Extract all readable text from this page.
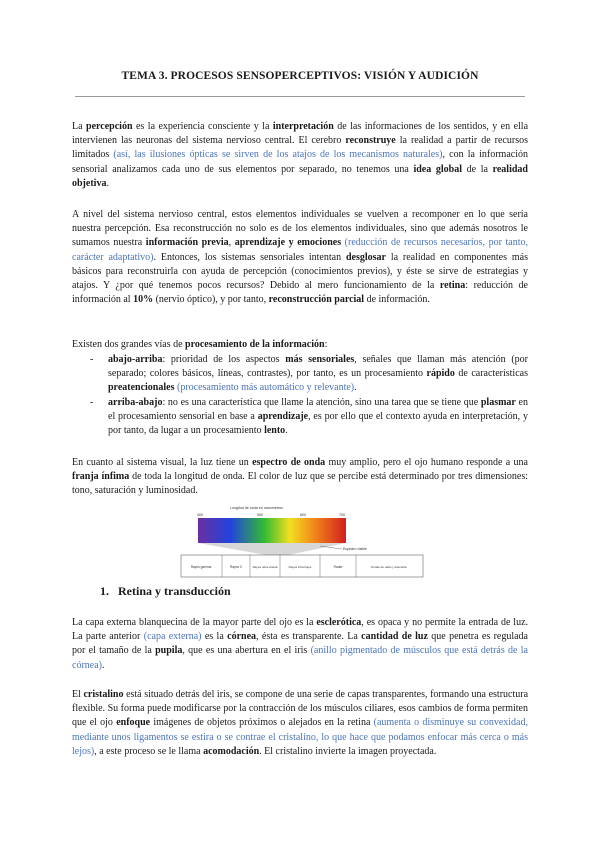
TEMA 3. PROCESOS SENSOPERCEPTIVOS: VISIÓN Y AUDICIÓN

La percepción es la experiencia consciente y la interpretación de las informaciones de los sentidos, y en ella intervienen las neuronas del sistema nervioso central. El cerebro reconstruye la realidad a partir de recursos limitados (así, las ilusiones ópticas se sirven de los atajos de los mecanismos naturales), con la información sensorial analizamos cada uno de sus elementos por separado, no tenemos una idea global de la realidad objetiva.

A nivel del sistema nervioso central, estos elementos individuales se vuelven a recomponer en lo que sería nuestra percepción. Esa reconstrucción no solo es de los elementos individuales, sino que además nosotros le sumamos nuestra información previa, aprendizaje y emociones (reducción de recursos necesarios, por tanto, carácter adaptativo). Entonces, los sistemas sensoriales intentan desglosar la realidad en componentes más básicos para reconstruirla con ayuda de percepción (conocimientos previos), y éste se sirve de estrategias y atajos. Y ¿por qué tenemos pocos recursos? Debido al mero funcionamiento de la retina: reducción de información al 10% (nervio óptico), y por tanto, reconstrucción parcial de información.

Existen dos grandes vías de procesamiento de la información:

- abajo-arriba: prioridad de los aspectos más sensoriales, señales que llaman más atención (por separado; colores básicos, líneas, contrastes), por tanto, es un procesamiento rápido de características preatencionales (procesamiento más automático y relevante).
- arriba-abajo: no es una característica que llame la atención, sino una tarea que se tiene que plasmar en el procesamiento sensorial en base a aprendizaje, es por ello que el contexto ayuda en interpretación, y por tanto, da lugar a un procesamiento lento.

En cuanto al sistema visual, la luz tiene un espectro de onda muy amplio, pero el ojo humano responde a una franja ínfima de toda la longitud de onda. El color de luz que se percibe está determinado por tres dimensiones: tono, saturación y luminosidad.

Longitud de onda en nanómetros
400	500	600	700
Espectro visible
Rayos gamma	Rayos X	Rayos ultra-violeta	Rayos infrarrojos	Radar	Ondas de radio y televisión
1. Retina y transducción

La capa externa blanquecina de la mayor parte del ojo es la esclerótica, es opaca y no permite la entrada de luz. La parte anterior (capa externa) es la córnea, ésta es transparente. La cantidad de luz que penetra es regulada por el tamaño de la pupila, que es una abertura en el iris (anillo pigmentado de músculos que está detrás de la córnea).

El cristalino está situado detrás del iris, se compone de una serie de capas transparentes, formando una estructura flexible. Su forma puede modificarse por la contracción de los músculos ciliares, esos cambios de forma permiten que el ojo enfoque imágenes de objetos próximos o alejados en la retina (aumenta o disminuye su convexidad, mediante unos ligamentos se estira o se contrae el cristalino, lo que hace que podamos enfocar más cerca o más lejos), a este proceso se le llama acomodación. El cristalino invierte la imagen proyectada.
